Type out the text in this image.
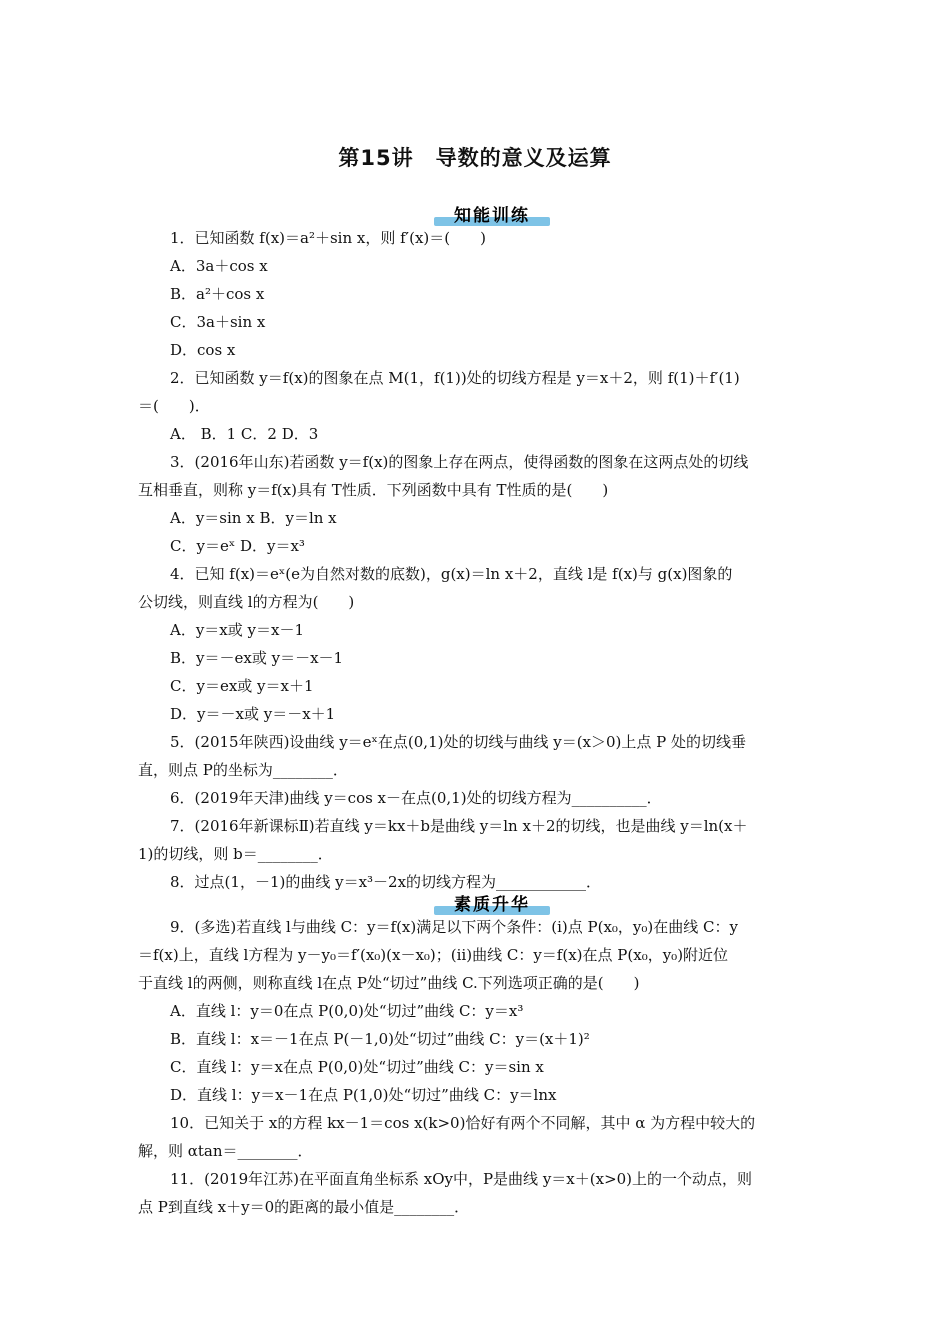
第15讲 导数的意义及运算
知能训练
素质升华
1．已知函数 f(x)＝a²＋sin x，则 f′(x)＝(　　)
A．3a＋cos x
B．a²＋cos x
C．3a＋sin x
D．cos x
2．已知函数 y＝f(x)的图象在点 M(1，f(1))处的切线方程是 y＝x＋2，则 f(1)＋f′(1)
＝(　　)．
A． B．1 C．2 D．3
3．(2016年山东)若函数 y＝f(x)的图象上存在两点，使得函数的图象在这两点处的切线
互相垂直，则称 y＝f(x)具有 T性质．下列函数中具有 T性质的是(　　)
A．y＝sin x B．y＝ln x
C．y＝eˣ D．y＝x³
4．已知 f(x)＝eˣ(e为自然对数的底数)，g(x)＝ln x＋2，直线 l是 f(x)与 g(x)图象的
公切线，则直线 l的方程为(　　)
A．y＝x或 y＝x－1
B．y＝－ex或 y＝－x－1
C．y＝ex或 y＝x＋1
D．y＝－x或 y＝－x＋1
5．(2015年陕西)设曲线 y＝eˣ在点(0,1)处的切线与曲线 y＝(x＞0)上点 P 处的切线垂
直，则点 P的坐标为________．
6．(2019年天津)曲线 y＝cos x－在点(0,1)处的切线方程为__________．
7．(2016年新课标Ⅱ)若直线 y＝kx＋b是曲线 y＝ln x＋2的切线，也是曲线 y＝ln(x＋
1)的切线，则 b＝________．
8．过点(1，－1)的曲线 y＝x³－2x的切线方程为____________．
9．(多选)若直线 l与曲线 C：y＝f(x)满足以下两个条件：(ⅰ)点 P(x₀，y₀)在曲线 C：y
＝f(x)上，直线 l方程为 y－y₀＝f′(x₀)(x－x₀)；(ⅱ)曲线 C：y＝f(x)在点 P(x₀，y₀)附近位
于直线 l的两侧，则称直线 l在点 P处“切过”曲线 C.下列选项正确的是(　　)
A．直线 l：y＝0在点 P(0,0)处“切过”曲线 C：y＝x³
B．直线 l：x＝－1在点 P(－1,0)处“切过”曲线 C：y＝(x＋1)²
C．直线 l：y＝x在点 P(0,0)处“切过”曲线 C：y＝sin x
D．直线 l：y＝x－1在点 P(1,0)处“切过”曲线 C：y＝lnx
10．已知关于 x的方程 kx－1＝cos x(k>0)恰好有两个不同解，其中 α 为方程中较大的
解，则 αtan＝________．
11．(2019年江苏)在平面直角坐标系 xOy中，P是曲线 y＝x＋(x>0)上的一个动点，则
点 P到直线 x＋y＝0的距离的最小值是________．
